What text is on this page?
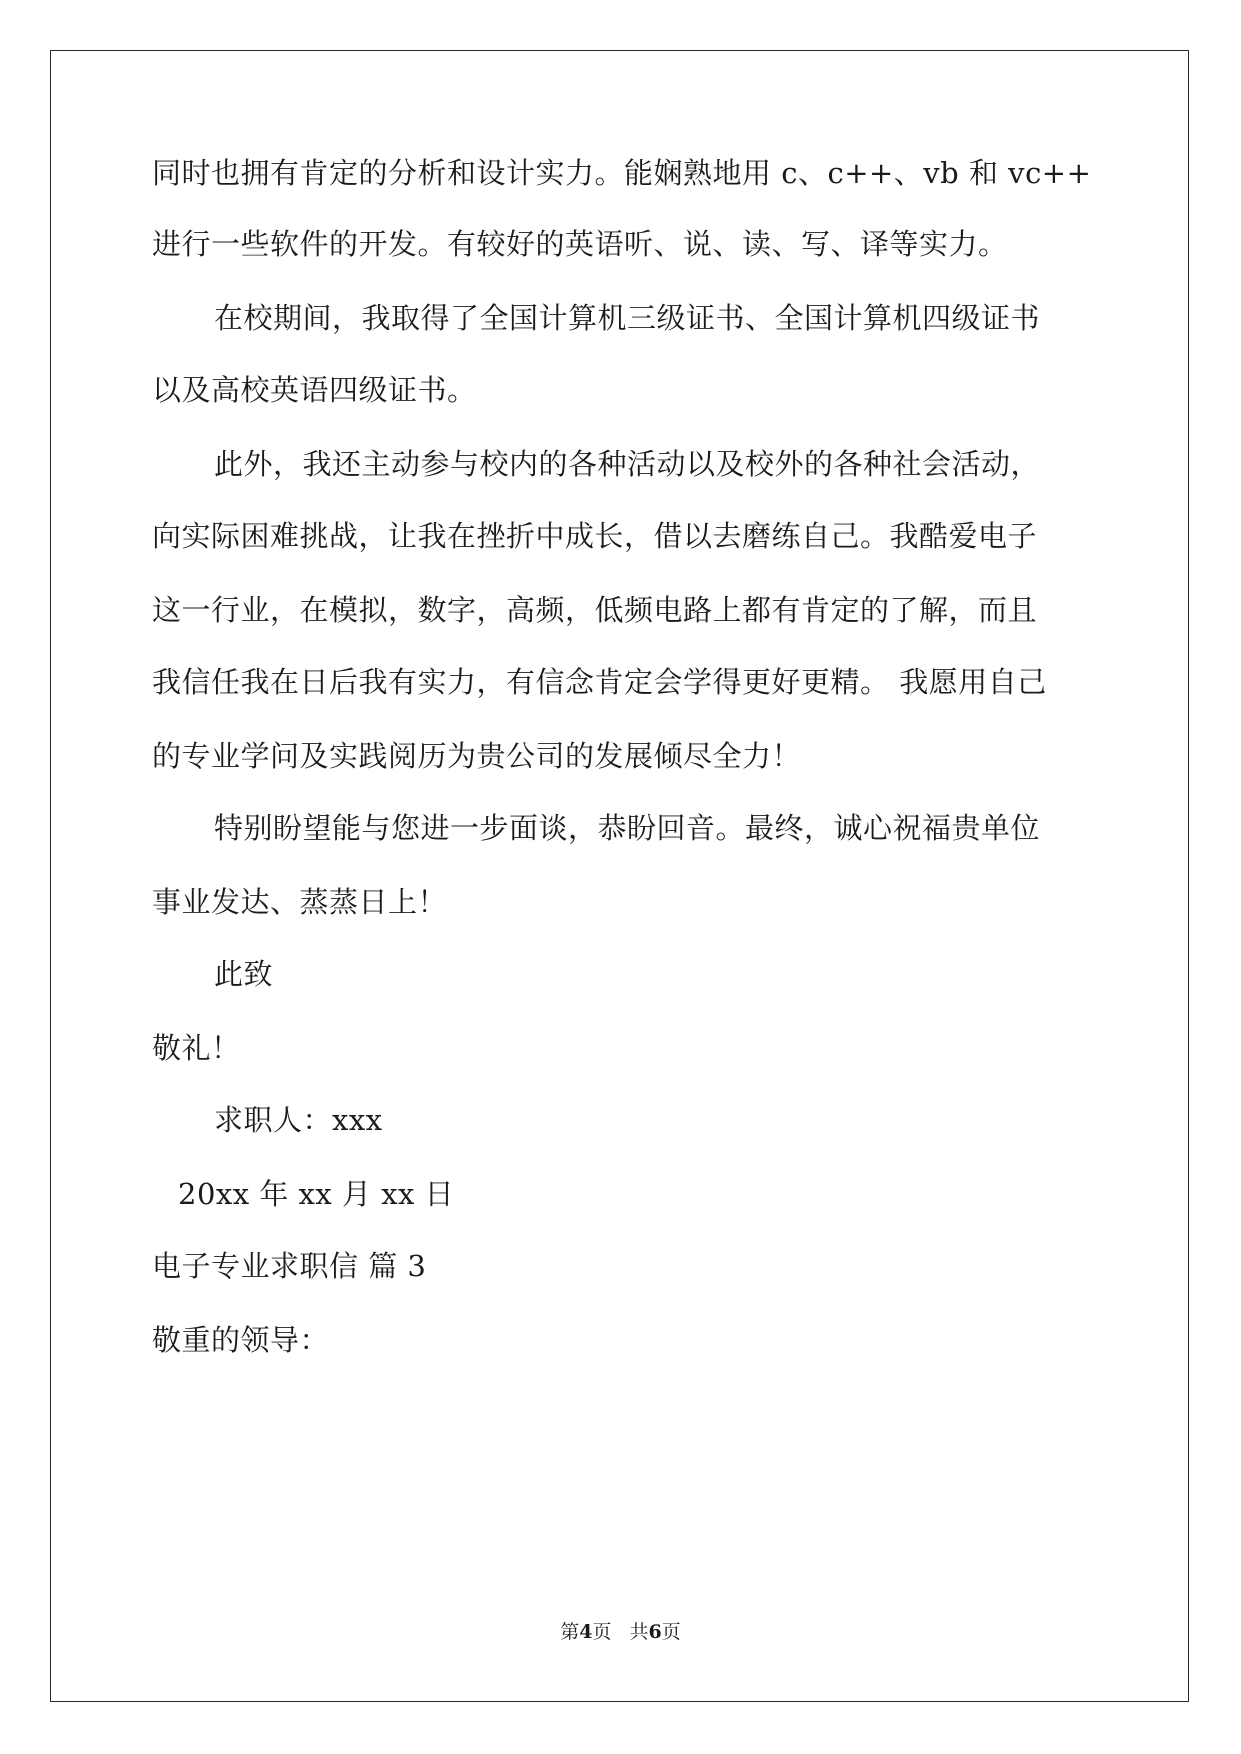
同时也拥有肯定的分析和设计实力。能娴熟地用 c、c++、vb 和 vc++
进行一些软件的开发。有较好的英语听、说、读、写、译等实力。
在校期间，我取得了全国计算机三级证书、全国计算机四级证书
以及高校英语四级证书。
此外，我还主动参与校内的各种活动以及校外的各种社会活动，
向实际困难挑战，让我在挫折中成长，借以去磨练自己。我酷爱电子
这一行业，在模拟，数字，高频，低频电路上都有肯定的了解，而且
我信任我在日后我有实力，有信念肯定会学得更好更精。 我愿用自己
的专业学问及实践阅历为贵公司的发展倾尽全力！
特别盼望能与您进一步面谈，恭盼回音。最终，诚心祝福贵单位
事业发达、蒸蒸日上！
此致
敬礼！
求职人：xxx
20xx 年 xx 月 xx 日
电子专业求职信 篇 3
敬重的领导：
第4页 共6页
